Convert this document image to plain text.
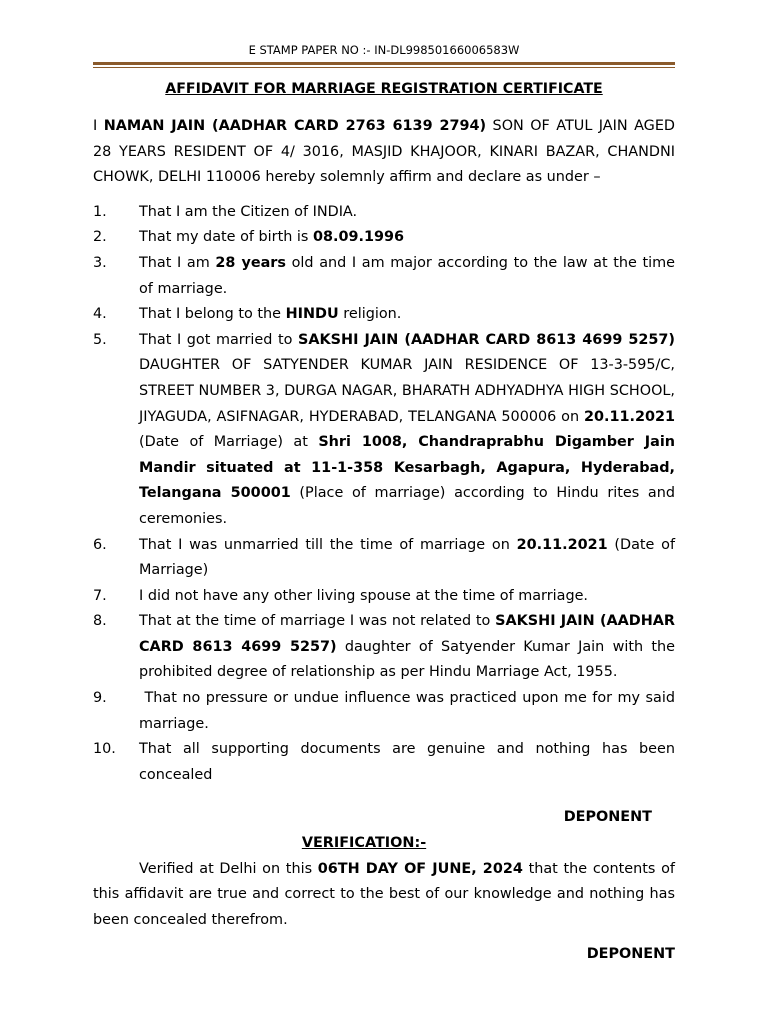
E STAMP PAPER NO :- IN-DL99850166006583W
AFFIDAVIT FOR MARRIAGE REGISTRATION CERTIFICATE

I NAMAN JAIN (AADHAR CARD 2763 6139 2794) SON OF ATUL JAIN AGED 28 YEARS RESIDENT OF 4/ 3016, MASJID KHAJOOR, KINARI BAZAR, CHANDNI CHOWK, DELHI 110006 hereby solemnly affirm and declare as under –

1. That I am the Citizen of INDIA.
2. That my date of birth is 08.09.1996
3. That I am 28 years old and I am major according to the law at the time of marriage.
4. That I belong to the HINDU religion.
5. That I got married to SAKSHI JAIN (AADHAR CARD 8613 4699 5257) DAUGHTER OF SATYENDER KUMAR JAIN RESIDENCE OF 13-3-595/C, STREET NUMBER 3, DURGA NAGAR, BHARATH ADHYADHYA HIGH SCHOOL, JIYAGUDA, ASIFNAGAR, HYDERABAD, TELANGANA 500006 on 20.11.2021 (Date of Marriage) at Shri 1008, Chandraprabhu Digamber Jain Mandir situated at 11-1-358 Kesarbagh, Agapura, Hyderabad, Telangana 500001 (Place of marriage) according to Hindu rites and ceremonies.
6. That I was unmarried till the time of marriage on 20.11.2021 (Date of Marriage)
7. I did not have any other living spouse at the time of marriage.
8. That at the time of marriage I was not related to SAKSHI JAIN (AADHAR CARD 8613 4699 5257) daughter of Satyender Kumar Jain with the prohibited degree of relationship as per Hindu Marriage Act, 1955.
9. That no pressure or undue influence was practiced upon me for my said marriage.
10. That all supporting documents are genuine and nothing has been concealed
DEPONENT
VERIFICATION:-
Verified at Delhi on this 06TH DAY OF JUNE, 2024 that the contents of this affidavit are true and correct to the best of our knowledge and nothing has been concealed therefrom.
DEPONENT
